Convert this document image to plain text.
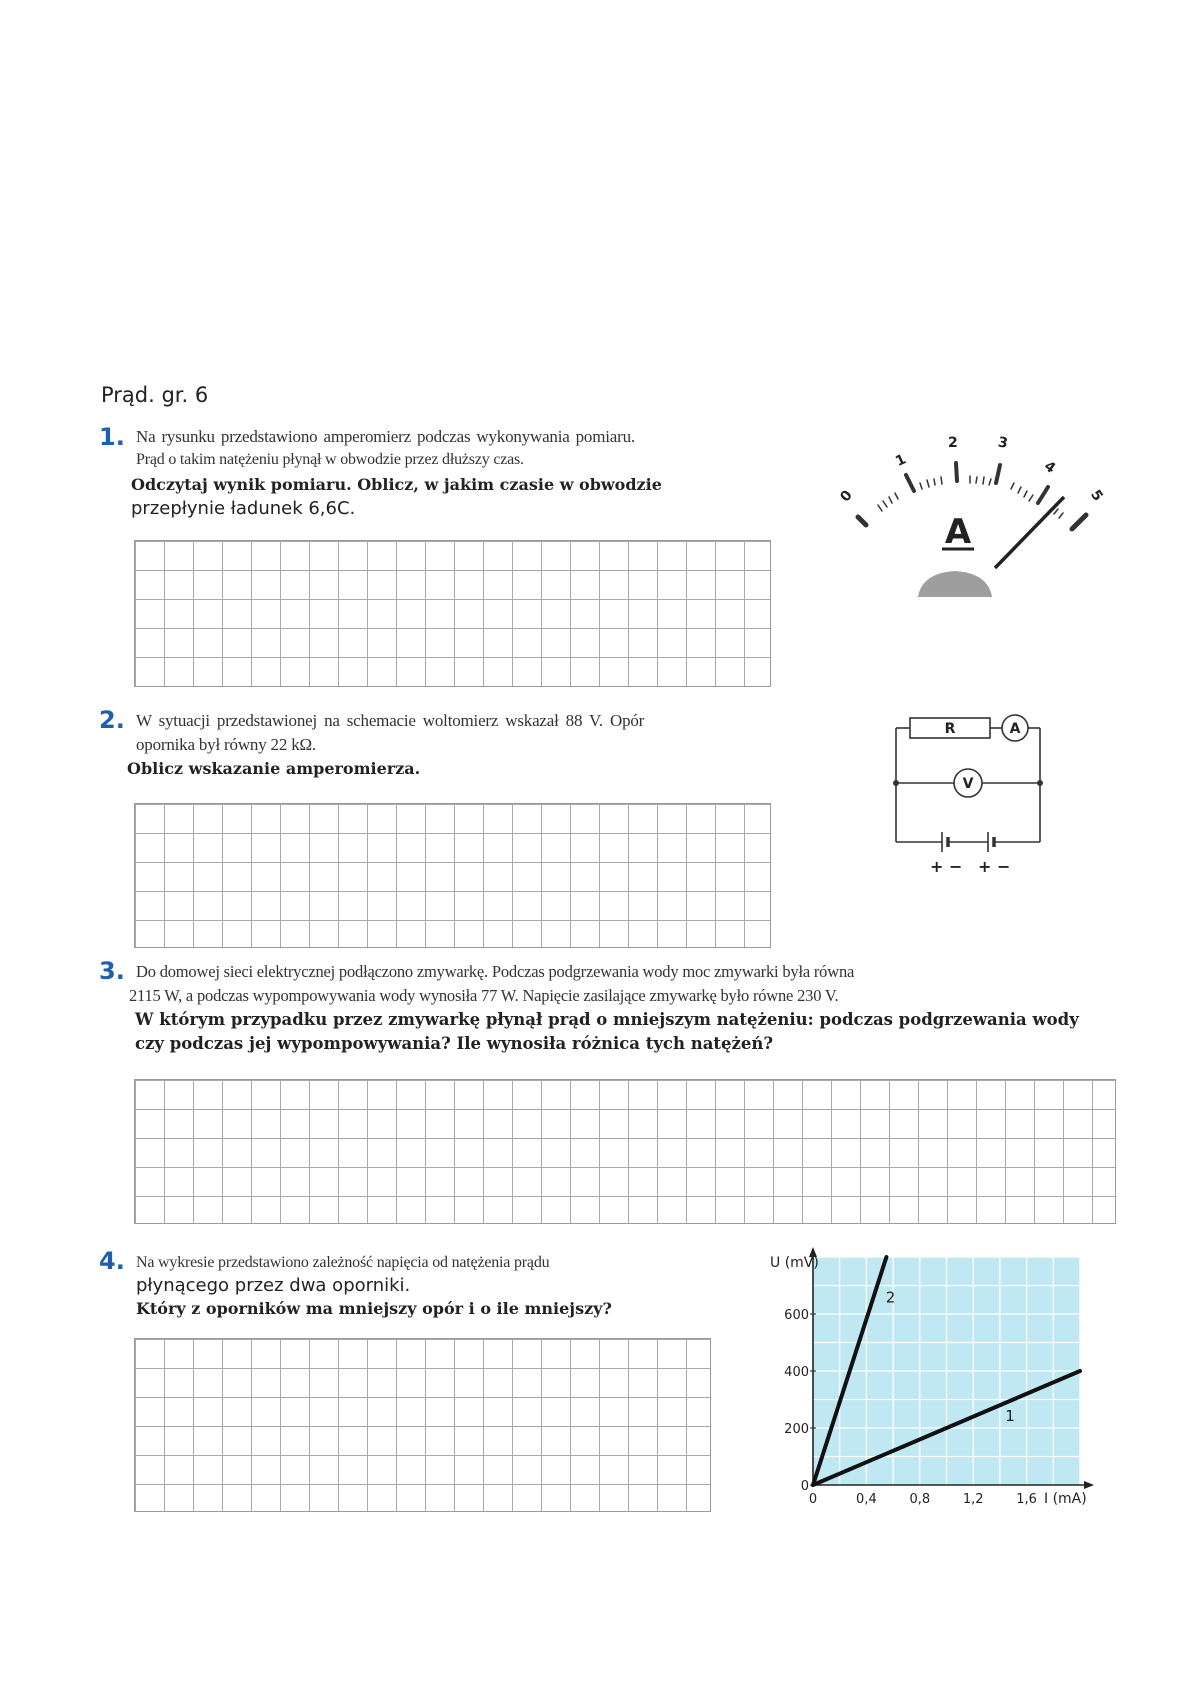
Prąd. gr. 6
1. Na rysunku przedstawiono amperomierz podczas wykonywania pomiaru.
Prąd o takim natężeniu płynął w obwodzie przez dłuższy czas.
Odczytaj wynik pomiaru. Oblicz, w jakim czasie w obwodzie
przepłynie ładunek 6,6C.
0
1
2	3
4
5
A
2. W sytuacji przedstawionej na schemacie woltomierz wskazał 88 V. Opór
opornika był równy 22 kΩ.
Oblicz wskazanie amperomierza.
R	A
V
+ − + −
3. Do domowej sieci elektrycznej podłączono zmywarkę. Podczas podgrzewania wody moc zmywarki była równa
2115 W, a podczas wypompowywania wody wynosiła 77 W. Napięcie zasilające zmywarkę było równe 230 V.
W którym przypadku przez zmywarkę płynął prąd o mniejszym natężeniu: podczas podgrzewania wody
czy podczas jej wypompowywania? Ile wynosiła różnica tych natężeń?
4. Na wykresie przedstawiono zależność napięcia od natężenia prądu
płynącego przez dwa oporniki.
Który z oporników ma mniejszy opór i o ile mniejszy?
0
200
400
600
0	0,4	0,8	1,2	1,6
U (mV)
I (mA)
2
1
